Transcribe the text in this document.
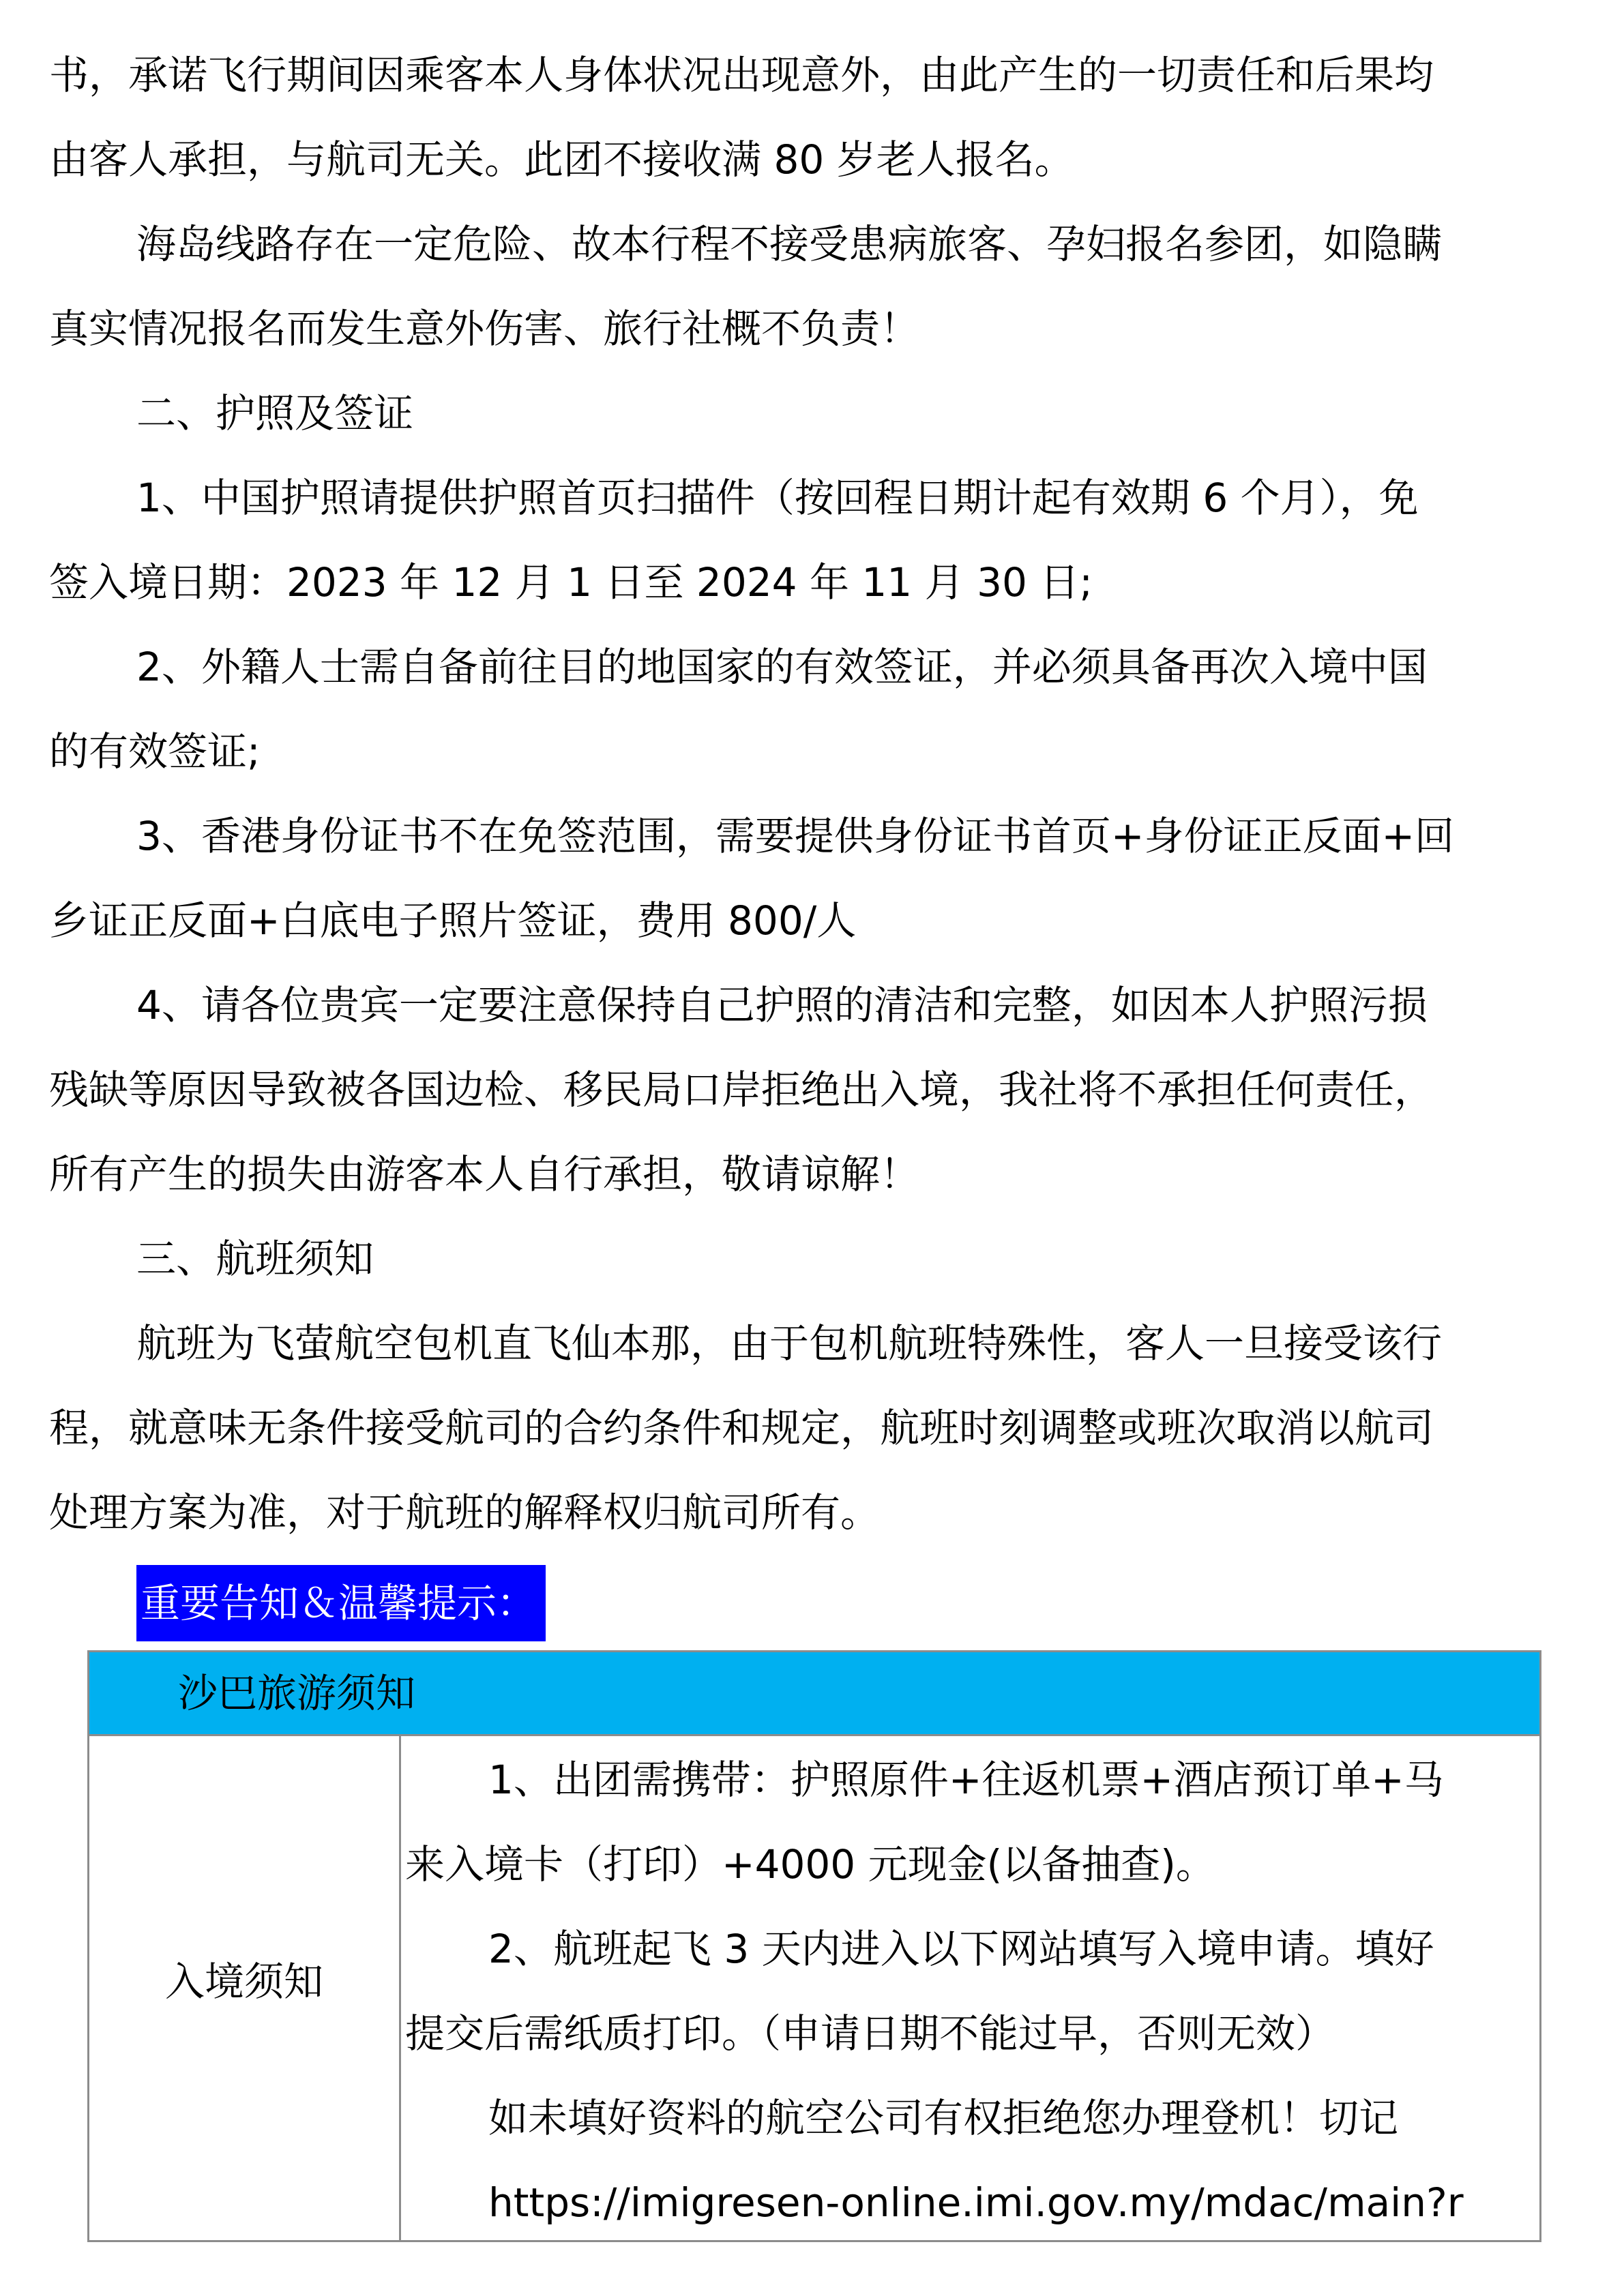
书，承诺飞行期间因乘客本人身体状况出现意外，由此产生的一切责任和后果均
由客人承担，与航司无关。此团不接收满 80 岁老人报名。

海岛线路存在一定危险、故本行程不接受患病旅客、孕妇报名参团，如隐瞒
真实情况报名而发生意外伤害、旅行社概不负责！

二、护照及签证

1、中国护照请提供护照首页扫描件（按回程日期计起有效期 6 个月），免
签入境日期：2023 年 12 月 1 日至 2024 年 11 月 30 日;

2、外籍人士需自备前往目的地国家的有效签证，并必须具备再次入境中国
的有效签证;

3、香港身份证书不在免签范围，需要提供身份证书首页+身份证正反面+回
乡证正反面+白底电子照片签证，费用 800/人

4、请各位贵宾一定要注意保持自己护照的清洁和完整，如因本人护照污损
残缺等原因导致被各国边检、移民局口岸拒绝出入境，我社将不承担任何责任，
所有产生的损失由游客本人自行承担，敬请谅解！

三、航班须知

航班为飞萤航空包机直飞仙本那，由于包机航班特殊性，客人一旦接受该行
程，就意味无条件接受航司的合约条件和规定，航班时刻调整或班次取消以航司
处理方案为准，对于航班的解释权归航司所有。

重要告知＆温馨提示：
沙巴旅游须知
入境须知
1、出团需携带：护照原件+往返机票+酒店预订单+马
来入境卡（打印）+4000 元现金(以备抽查)。
2、航班起飞 3 天内进入以下网站填写入境申请。填好
提交后需纸质打印。（申请日期不能过早，否则无效）
如未填好资料的航空公司有权拒绝您办理登机！切记
https://imigresen-online.imi.gov.my/mdac/main?r
